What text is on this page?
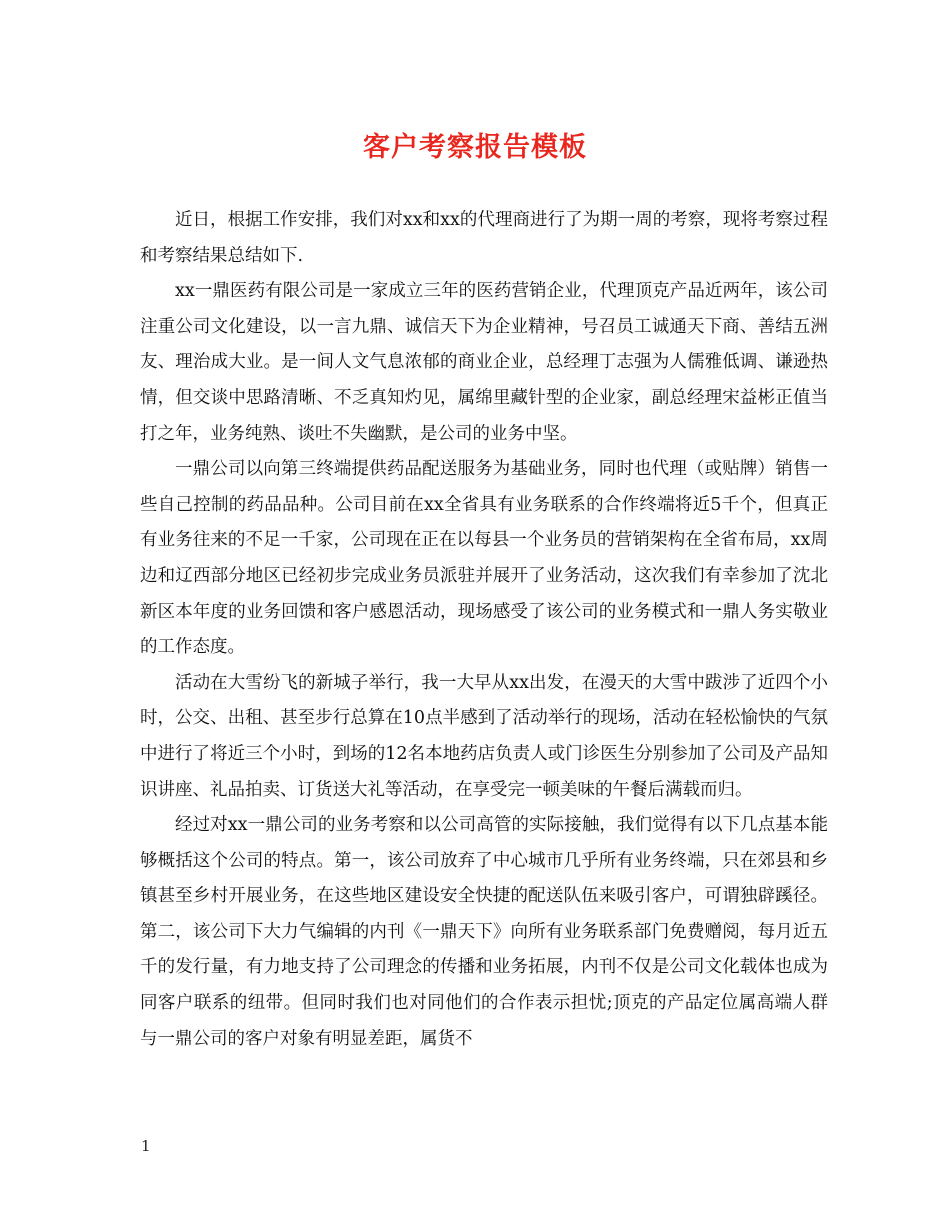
客户考察报告模板

近日，根据工作安排，我们对xx和xx的代理商进行了为期一周的考察，现将考察过程和考察结果总结如下.

xx一鼎医药有限公司是一家成立三年的医药营销企业，代理顶克产品近两年，该公司注重公司文化建设，以一言九鼎、诚信天下为企业精神，号召员工诚通天下商、善结五洲友、理治成大业。是一间人文气息浓郁的商业企业，总经理丁志强为人儒雅低调、谦逊热情，但交谈中思路清晰、不乏真知灼见，属绵里藏针型的企业家，副总经理宋益彬正值当打之年，业务纯熟、谈吐不失幽默，是公司的业务中坚。

一鼎公司以向第三终端提供药品配送服务为基础业务，同时也代理（或贴牌）销售一些自己控制的药品品种。公司目前在xx全省具有业务联系的合作终端将近5千个，但真正有业务往来的不足一千家，公司现在正在以每县一个业务员的营销架构在全省布局，xx周边和辽西部分地区已经初步完成业务员派驻并展开了业务活动，这次我们有幸参加了沈北新区本年度的业务回馈和客户感恩活动，现场感受了该公司的业务模式和一鼎人务实敬业的工作态度。

活动在大雪纷飞的新城子举行，我一大早从xx出发，在漫天的大雪中跋涉了近四个小时，公交、出租、甚至步行总算在10点半感到了活动举行的现场，活动在轻松愉快的气氛中进行了将近三个小时，到场的12名本地药店负责人或门诊医生分别参加了公司及产品知识讲座、礼品拍卖、订货送大礼等活动，在享受完一顿美味的午餐后满载而归。

经过对xx一鼎公司的业务考察和以公司高管的实际接触，我们觉得有以下几点基本能够概括这个公司的特点。第一，该公司放弃了中心城市几乎所有业务终端，只在郊县和乡镇甚至乡村开展业务，在这些地区建设安全快捷的配送队伍来吸引客户，可谓独辟蹊径。第二，该公司下大力气编辑的内刊《一鼎天下》向所有业务联系部门免费赠阅，每月近五千的发行量，有力地支持了公司理念的传播和业务拓展，内刊不仅是公司文化载体也成为同客户联系的纽带。但同时我们也对同他们的合作表示担忧;顶克的产品定位属高端人群与一鼎公司的客户对象有明显差距，属货不

1
